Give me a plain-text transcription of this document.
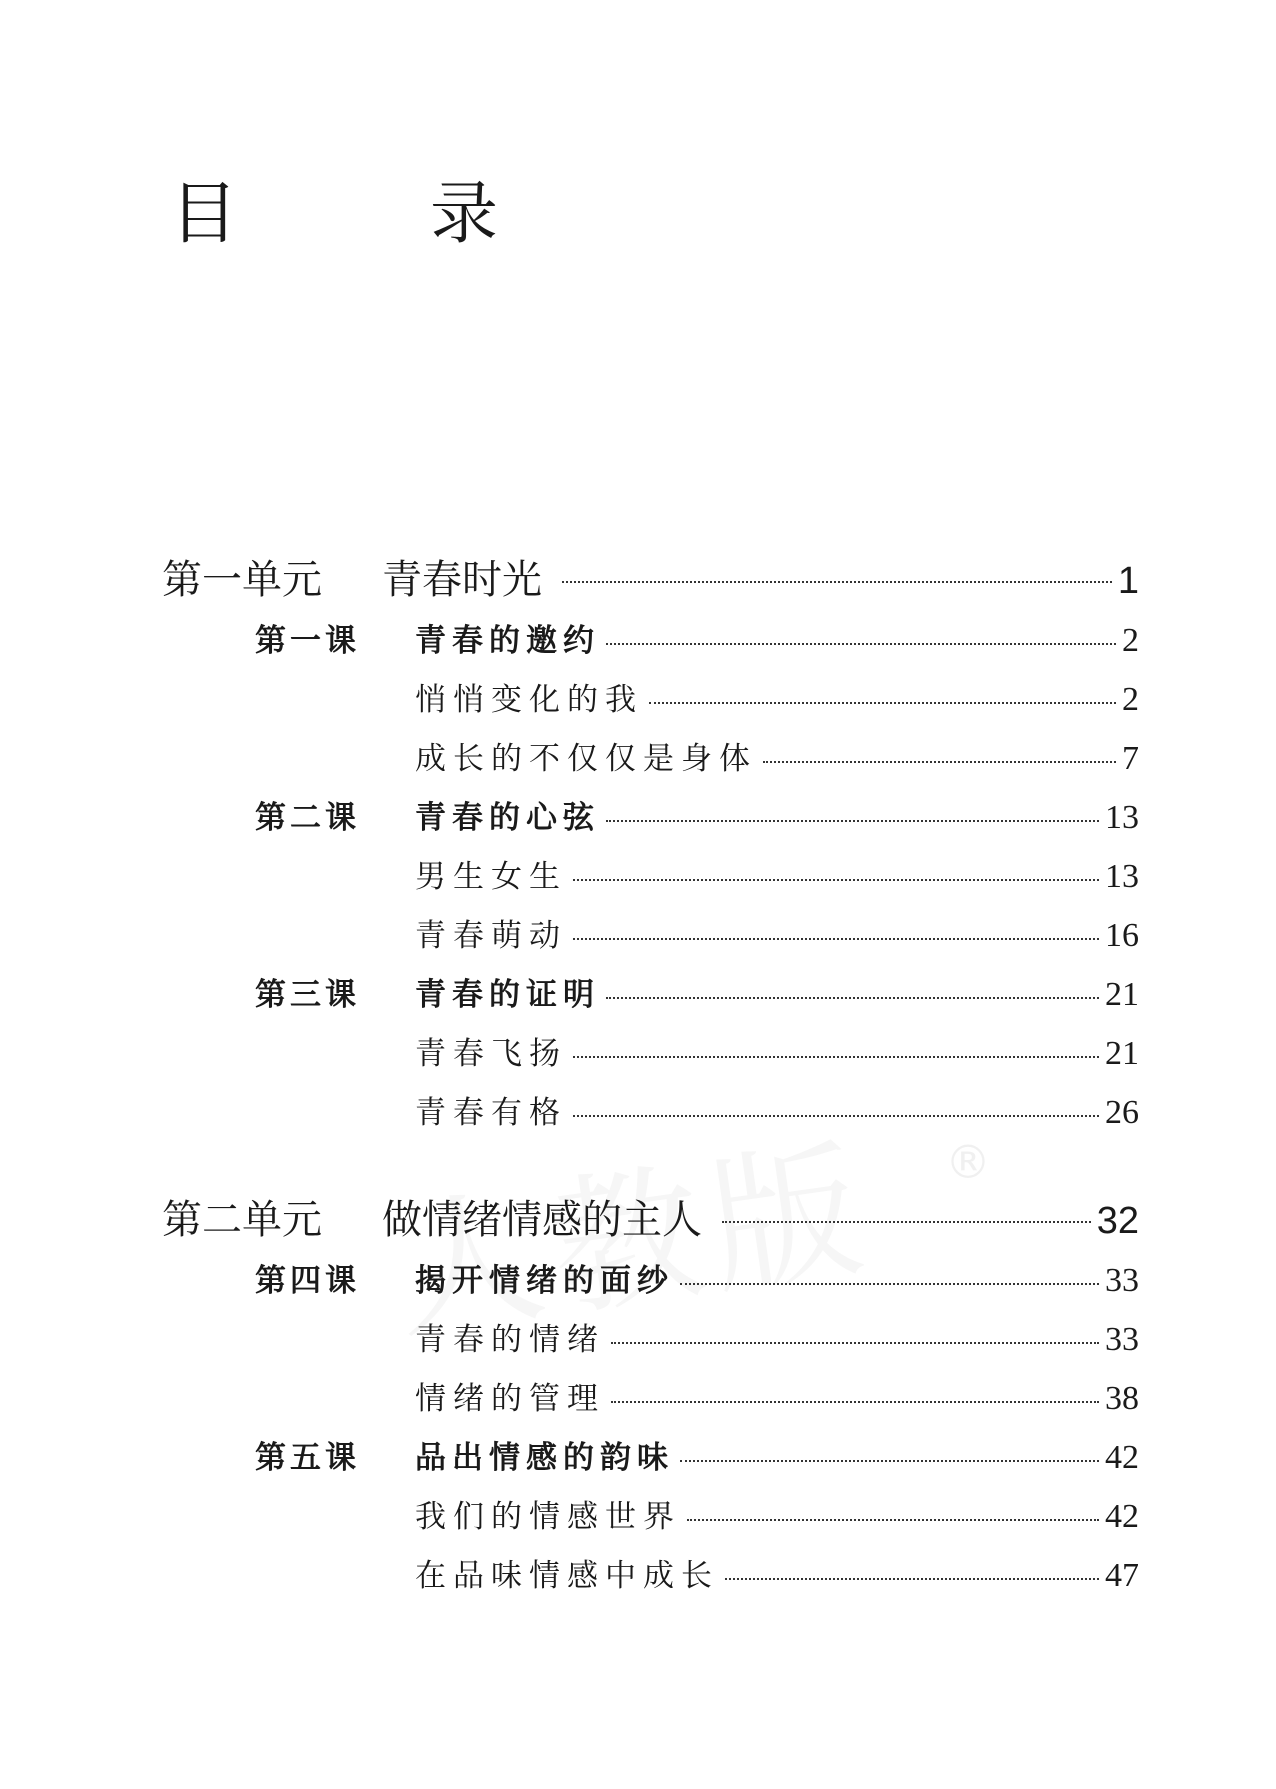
®
目　录
第一单元	青春时光	1
第一课	青春的邀约	2
悄悄变化的我	2
成长的不仅仅是身体	7
第二课	青春的心弦	13
男生女生	13
青春萌动	16
第三课	青春的证明	21
青春飞扬	21
青春有格	26
第二单元	做情绪情感的主人	32
第四课	揭开情绪的面纱	33
青春的情绪	33
情绪的管理	38
第五课	品出情感的韵味	42
我们的情感世界	42
在品味情感中成长	47
